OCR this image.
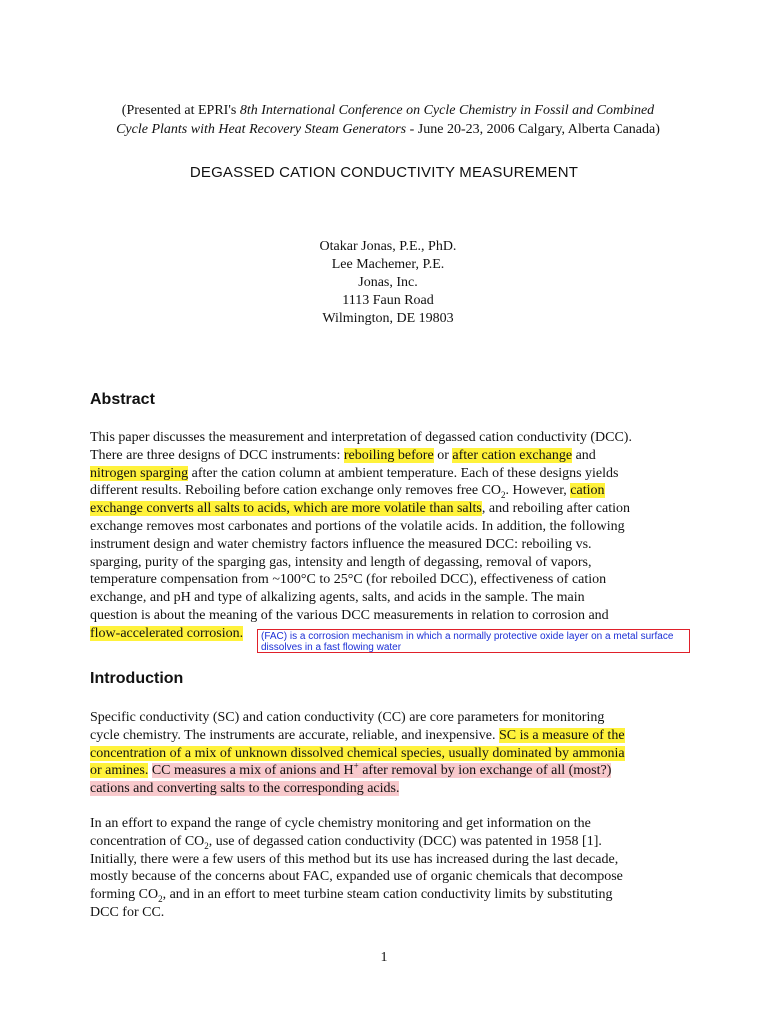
(Presented at EPRI's 8th International Conference on Cycle Chemistry in Fossil and Combined
Cycle Plants with Heat Recovery Steam Generators - June 20-23, 2006 Calgary, Alberta Canada)
DEGASSED CATION CONDUCTIVITY MEASUREMENT
Otakar Jonas, P.E., PhD.
Lee Machemer, P.E.
Jonas, Inc.
1113 Faun Road
Wilmington, DE 19803
Abstract
This paper discusses the measurement and interpretation of degassed cation conductivity (DCC).
There are three designs of DCC instruments: reboiling before or after cation exchange and
nitrogen sparging after the cation column at ambient temperature. Each of these designs yields
different results. Reboiling before cation exchange only removes free $CO_2$. However, cation
exchange converts all salts to acids, which are more volatile than salts, and reboiling after cation
exchange removes most carbonates and portions of the volatile acids. In addition, the following
instrument design and water chemistry factors influence the measured DCC: reboiling vs.
sparging, purity of the sparging gas, intensity and length of degassing, removal of vapors,
temperature compensation from ~100°C to 25°C (for reboiled DCC), effectiveness of cation
exchange, and pH and type of alkalizing agents, salts, and acids in the sample. The main
question is about the meaning of the various DCC measurements in relation to corrosion and
flow-accelerated corrosion.	(FAC) is a corrosion mechanism in which a normally protective oxide layer on a metal surface dissolves in a fast flowing water
Introduction
Specific conductivity (SC) and cation conductivity (CC) are core parameters for monitoring
cycle chemistry. The instruments are accurate, reliable, and inexpensive. SC is a measure of the
concentration of a mix of unknown dissolved chemical species, usually dominated by ammonia
or amines. CC measures a mix of anions and H+ after removal by ion exchange of all (most?)
cations and converting salts to the corresponding acids.
In an effort to expand the range of cycle chemistry monitoring and get information on the
concentration of $CO_2$, use of degassed cation conductivity (DCC) was patented in 1958 [1].
Initially, there were a few users of this method but its use has increased during the last decade,
mostly because of the concerns about FAC, expanded use of organic chemicals that decompose
forming $CO_2$, and in an effort to meet turbine steam cation conductivity limits by substituting
DCC for CC.
1
